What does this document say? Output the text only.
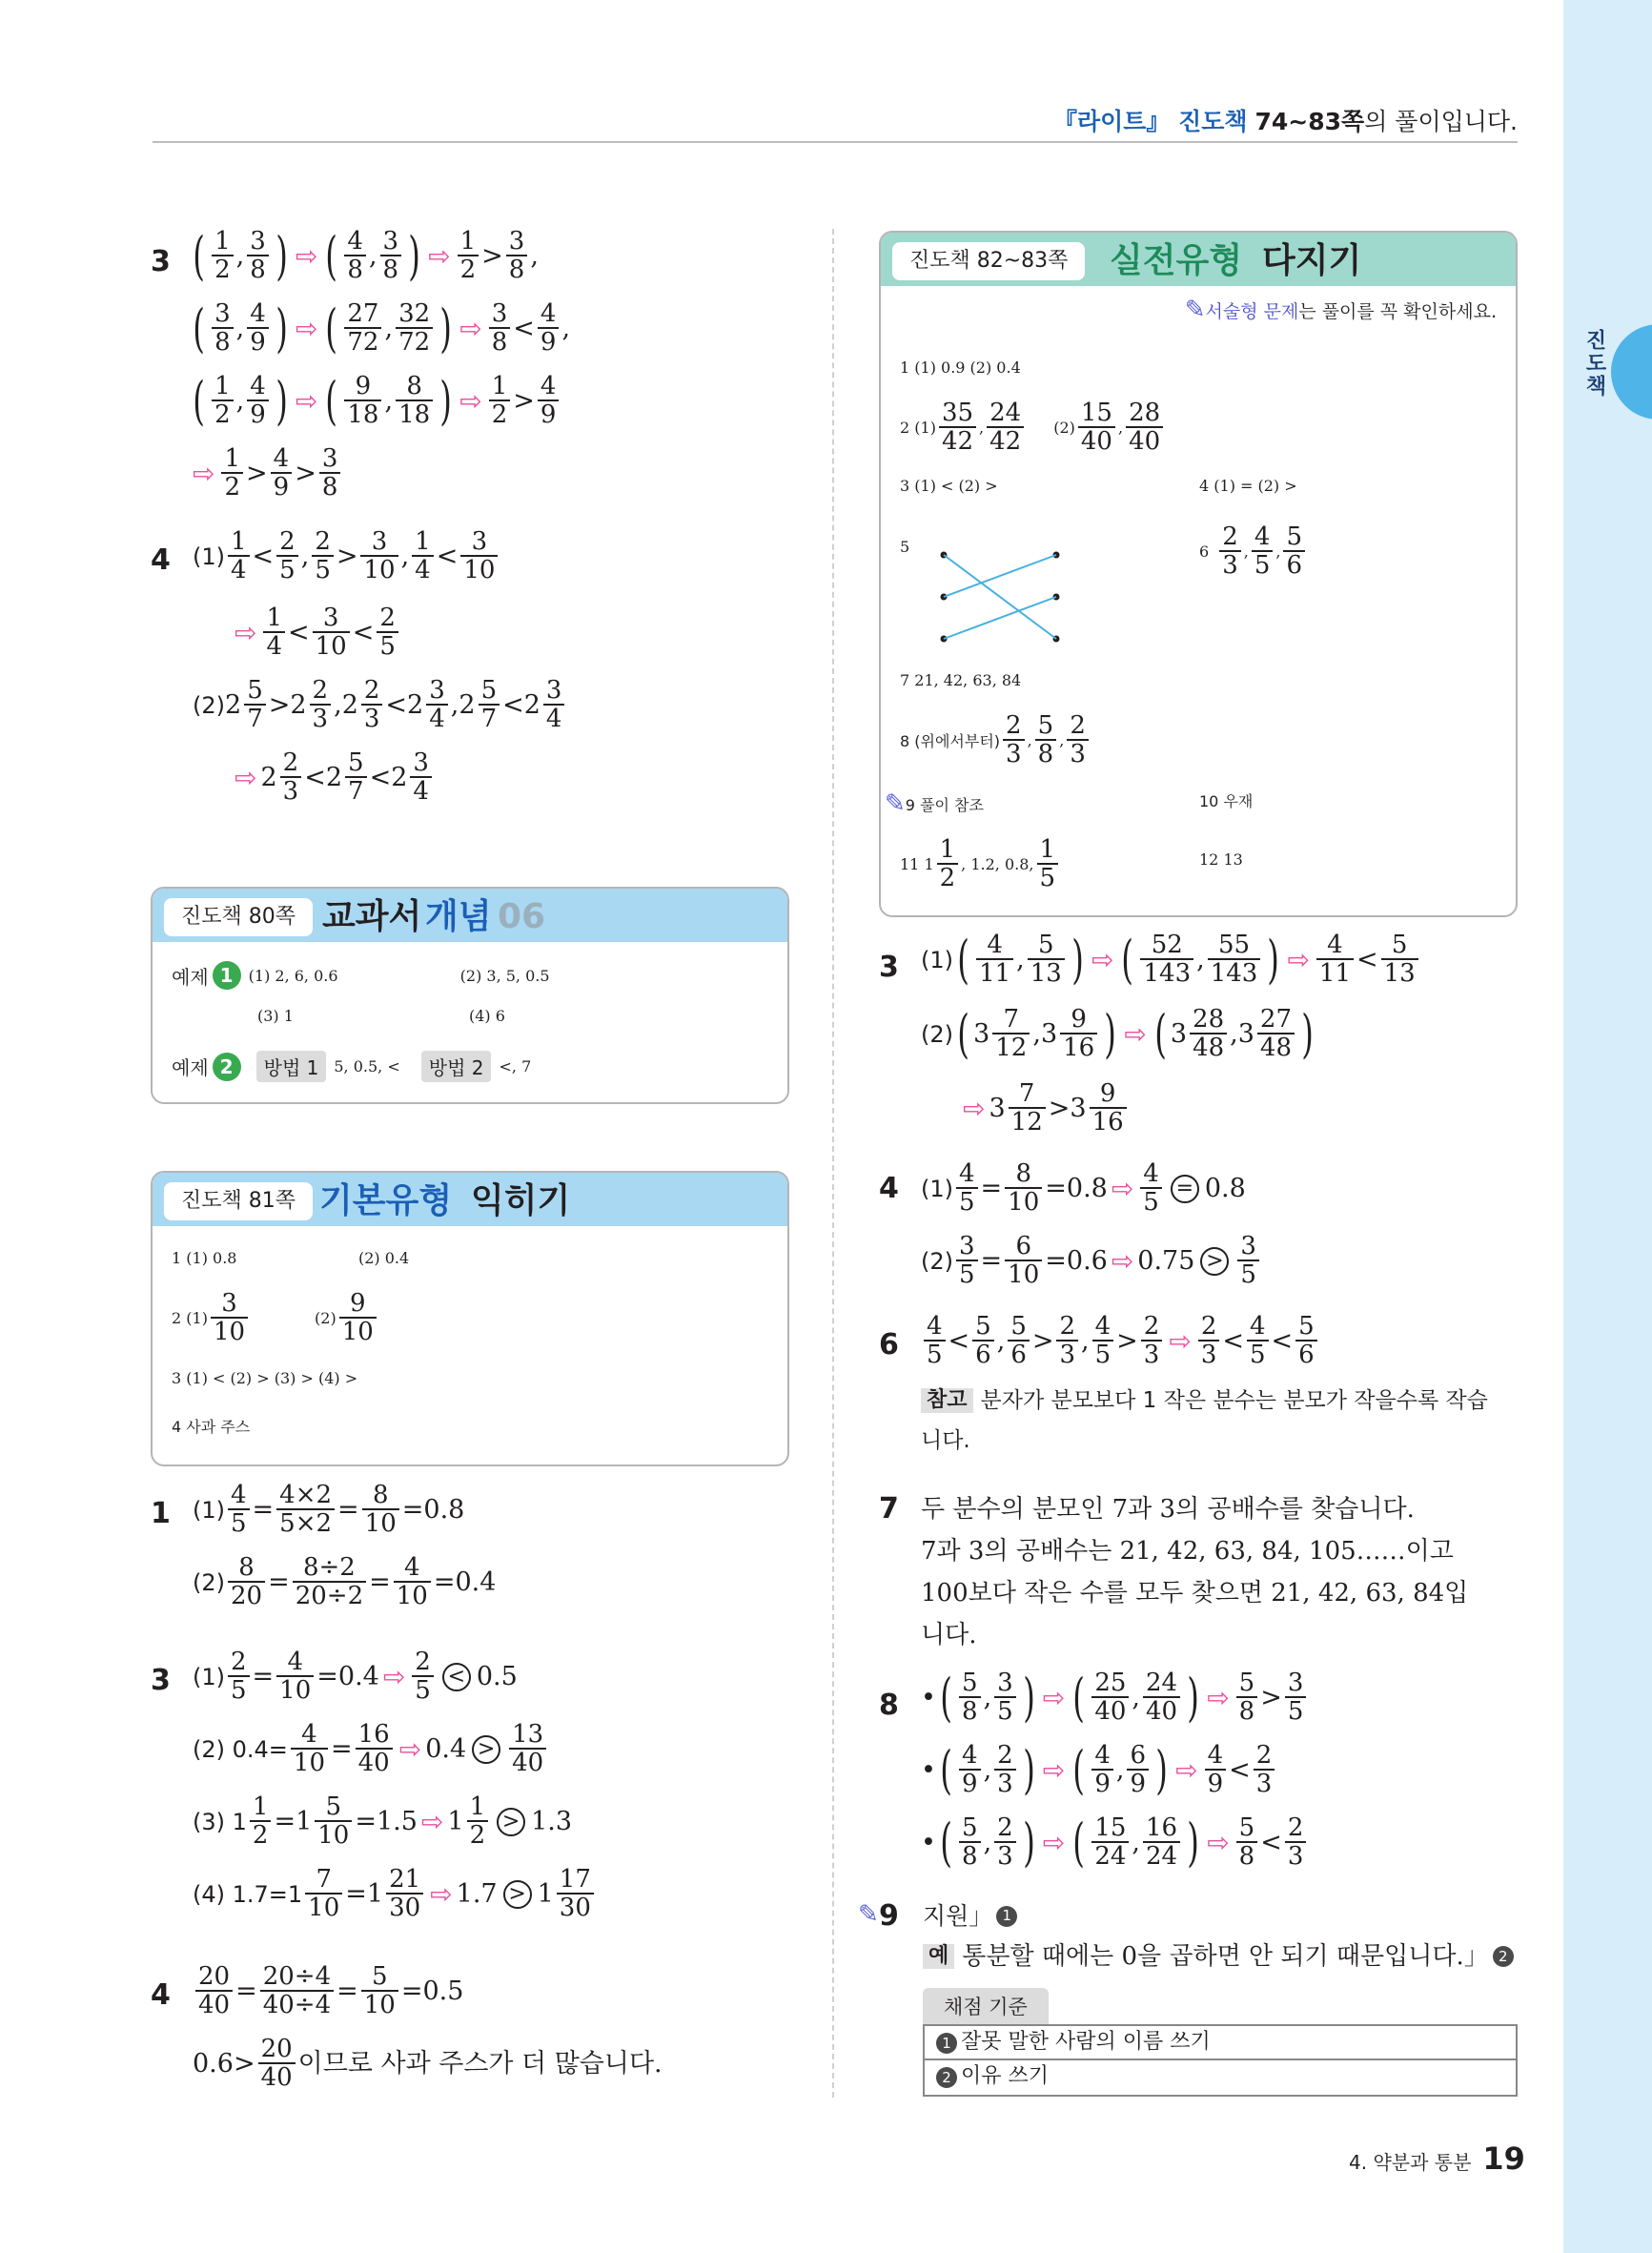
진도책
『라이트』 진도책 74~83쪽의 풀이입니다.
3 ( $\frac{1}{2}$ , $\frac{3}{8}$ ) ⇨ ( $\frac{4}{8}$ , $\frac{3}{8}$ ) ⇨ $\frac{1}{2} > \frac{3}{8}$ ,
( $\frac{3}{8}$ , $\frac{4}{9}$ ) ⇨ ( $\frac{27}{72}$ , $\frac{32}{72}$ ) ⇨ $\frac{3}{8} < \frac{4}{9}$ ,
( $\frac{1}{2}$ , $\frac{4}{9}$ ) ⇨ ( $\frac{9}{18}$ , $\frac{8}{18}$ ) ⇨ $\frac{1}{2} > \frac{4}{9}$
⇨ $\frac{1}{2} > \frac{4}{9} > \frac{3}{8}$
4 $(1) \frac{1}{4} < \frac{2}{5}$ , $\frac{2}{5} > \frac{3}{10}$ , $\frac{1}{4} < \frac{3}{10}$
⇨ $\frac{1}{4} < \frac{3}{10} < \frac{2}{5}$
(2) $2 \frac{5}{7} > 2 \frac{2}{3}$ , $2 \frac{2}{3} < 2 \frac{3}{4}$ , $2 \frac{5}{7} < 2 \frac{3}{4}$
⇨ $2 \frac{2}{3} < 2 \frac{5}{7} < 2 \frac{3}{4}$
진도책 80쪽 교과서 개념 06
예제 1	(1) 2, 6, 0.6	(2) 3, 5, 0.5
(3) 1	(4) 6
예제 2	방법 1	5, 0.5, <	방법 2	<, 7
진도책 81쪽 기본유형 익히기
1 (1) 0.8	(2) 0.4
2 $(1) \frac{3}{10}$	$(2) \frac{9}{10}$
3 (1) < (2) > (3) > (4) >
4 사과 주스
1 $(1) \frac{4}{5} = \frac{4\times 2}{5\times 2} = \frac{8}{10} =0.8$
$(2) \frac{8}{20} = \frac{8\div 2}{20\div 2} = \frac{4}{10} =0.4$
3 $(1) \frac{2}{5} = \frac{4}{10} =0.4$ ⇨ $\frac{2}{5} < 0.5$
(2) $0.4= \frac{4}{10} = \frac{16}{40}$ ⇨ $0.4 > \frac{13}{40}$
(3) $1 \frac{1}{2} =1 \frac{5}{10} =1.5$ ⇨ $1 \frac{1}{2} > 1.3$
(4) $1.7=1 \frac{7}{10} =1 \frac{21}{30}$ ⇨ $1.7 > 1 \frac{17}{30}$
$4 \frac{20}{40} = \frac{20\div 4}{40\div 4} = \frac{5}{10} =0.5$
$0.6> \frac{20}{40}$ 이므로 사과 주스가 더 많습니다.
진도책 82~83쪽	실전유형 다지기
✎ 서술형 문제 는 풀이를 꼭 확인하세요.
1 (1) 0.9 (2) 0.4
2 $(1) \frac{35}{42}$ , $\frac{24}{42} (2) \frac{15}{40}$ , $\frac{28}{40}$
3 (1) < (2) >	4 (1) = (2) >
5	$6 \frac{2}{3}$ , $\frac{4}{5}$ , $\frac{5}{6}$
7 21, 42, 63, 84
8 (위에서부터) $\frac{2}{3}$ , $\frac{5}{8}$ , $\frac{2}{3}$
✎ 9 풀이 참조	10 우재
11 $1 \frac{1}{2}$ , 1.2, 0.8, $\frac{1}{5}$	12 13
3 (1) ( $\frac{4}{11}$ , $\frac{5}{13}$ ) ⇨ ( $\frac{52}{143}$ , $\frac{55}{143}$ ) ⇨ $\frac{4}{11} < \frac{5}{13}$
(2) ( $3 \frac{7}{12}$ , $3 \frac{9}{16}$ ) ⇨ ( $3 \frac{28}{48}$ , $3 \frac{27}{48}$ )
⇨ $3 \frac{7}{12} > 3 \frac{9}{16}$
4 $(1) \frac{4}{5} = \frac{8}{10} =0.8$ ⇨ $\frac{4}{5} = 0.8$
$(2) \frac{3}{5} = \frac{6}{10} =0.6$ ⇨ $0.75 > \frac{3}{5}$
$6 \frac{4}{5} < \frac{5}{6}$ , $\frac{5}{6} > \frac{2}{3}$ , $\frac{4}{5} > \frac{2}{3}$ ⇨ $\frac{2}{3} < \frac{4}{5} < \frac{5}{6}$
참고 분자가 분모보다 1 작은 분수는 분모가 작을수록 작습
니다.
7 두 분수의 분모인 7과 3의 공배수를 찾습니다.
7과 3의 공배수는 21, 42, 63, 84, 105……이고
100보다 작은 수를 모두 찾으면 21, 42, 63, 84입
니다.
8 • ( $\frac{5}{8}$ , $\frac{3}{5}$ ) ⇨ ( $\frac{25}{40}$ , $\frac{24}{40}$ ) ⇨ $\frac{5}{8} > \frac{3}{5}$
• ( $\frac{4}{9}$ , $\frac{2}{3}$ ) ⇨ ( $\frac{4}{9}$ , $\frac{6}{9}$ ) ⇨ $\frac{4}{9} < \frac{2}{3}$
• ( $\frac{5}{8}$ , $\frac{2}{3}$ ) ⇨ ( $\frac{15}{24}$ , $\frac{16}{24}$ ) ⇨ $\frac{5}{8} < \frac{2}{3}$
✎ 9 지원」 1
예 통분할 때에는 0을 곱하면 안 되기 때문입니다.」 2
채점 기준
1 잘못 말한 사람의 이름 쓰기
2 이유 쓰기
4. 약분과 통분 19
